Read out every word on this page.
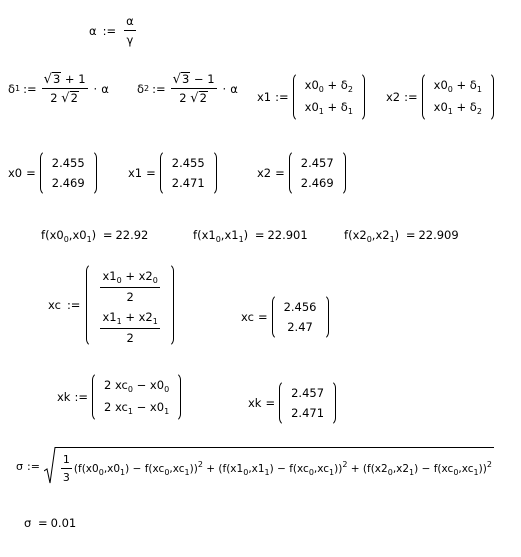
α := $\frac{\alpha}{\gamma}$
δ 1 := $\frac{√ 3 + 1}{2 √ 2} \cdot \alpha$ δ 2 := $\frac{√ 3 - 1}{2 √ 2} \cdot \alpha$
x1 :=
$x0_0 + \delta_2$
$x0_1 + \delta_1$
x2 :=
$x0_0 + \delta_1$
$x0_1 + \delta_2$
x0 =
2.455
2.469
x1 =
2.455
2.471
x2 =
2.457
2.469
$f(x0_0,x0_1) = 22.92$	$f(x1_0,x1_1) = 22.901$	$f(x2_0,x2_1) = 22.909$
xc := $\frac{x1_0 + x2_0}{2}$
$\frac{x1_1 + x2_1}{2}$	xc =
2.456
2.47
xk :=
2 $xc_0 - x0_0$
2 $xc_1 - x0_1$
xk =
2.457
2.471
σ := $\frac{1}{3} (f(x0_0,x0_1) - f(xc_0,xc_1))^2 + (f(x1_0,x1_1) - f(xc_0,xc_1))^2 + (f(x2_0,x2_1) - f(xc_0,xc_1))^2$
σ = 0.01
